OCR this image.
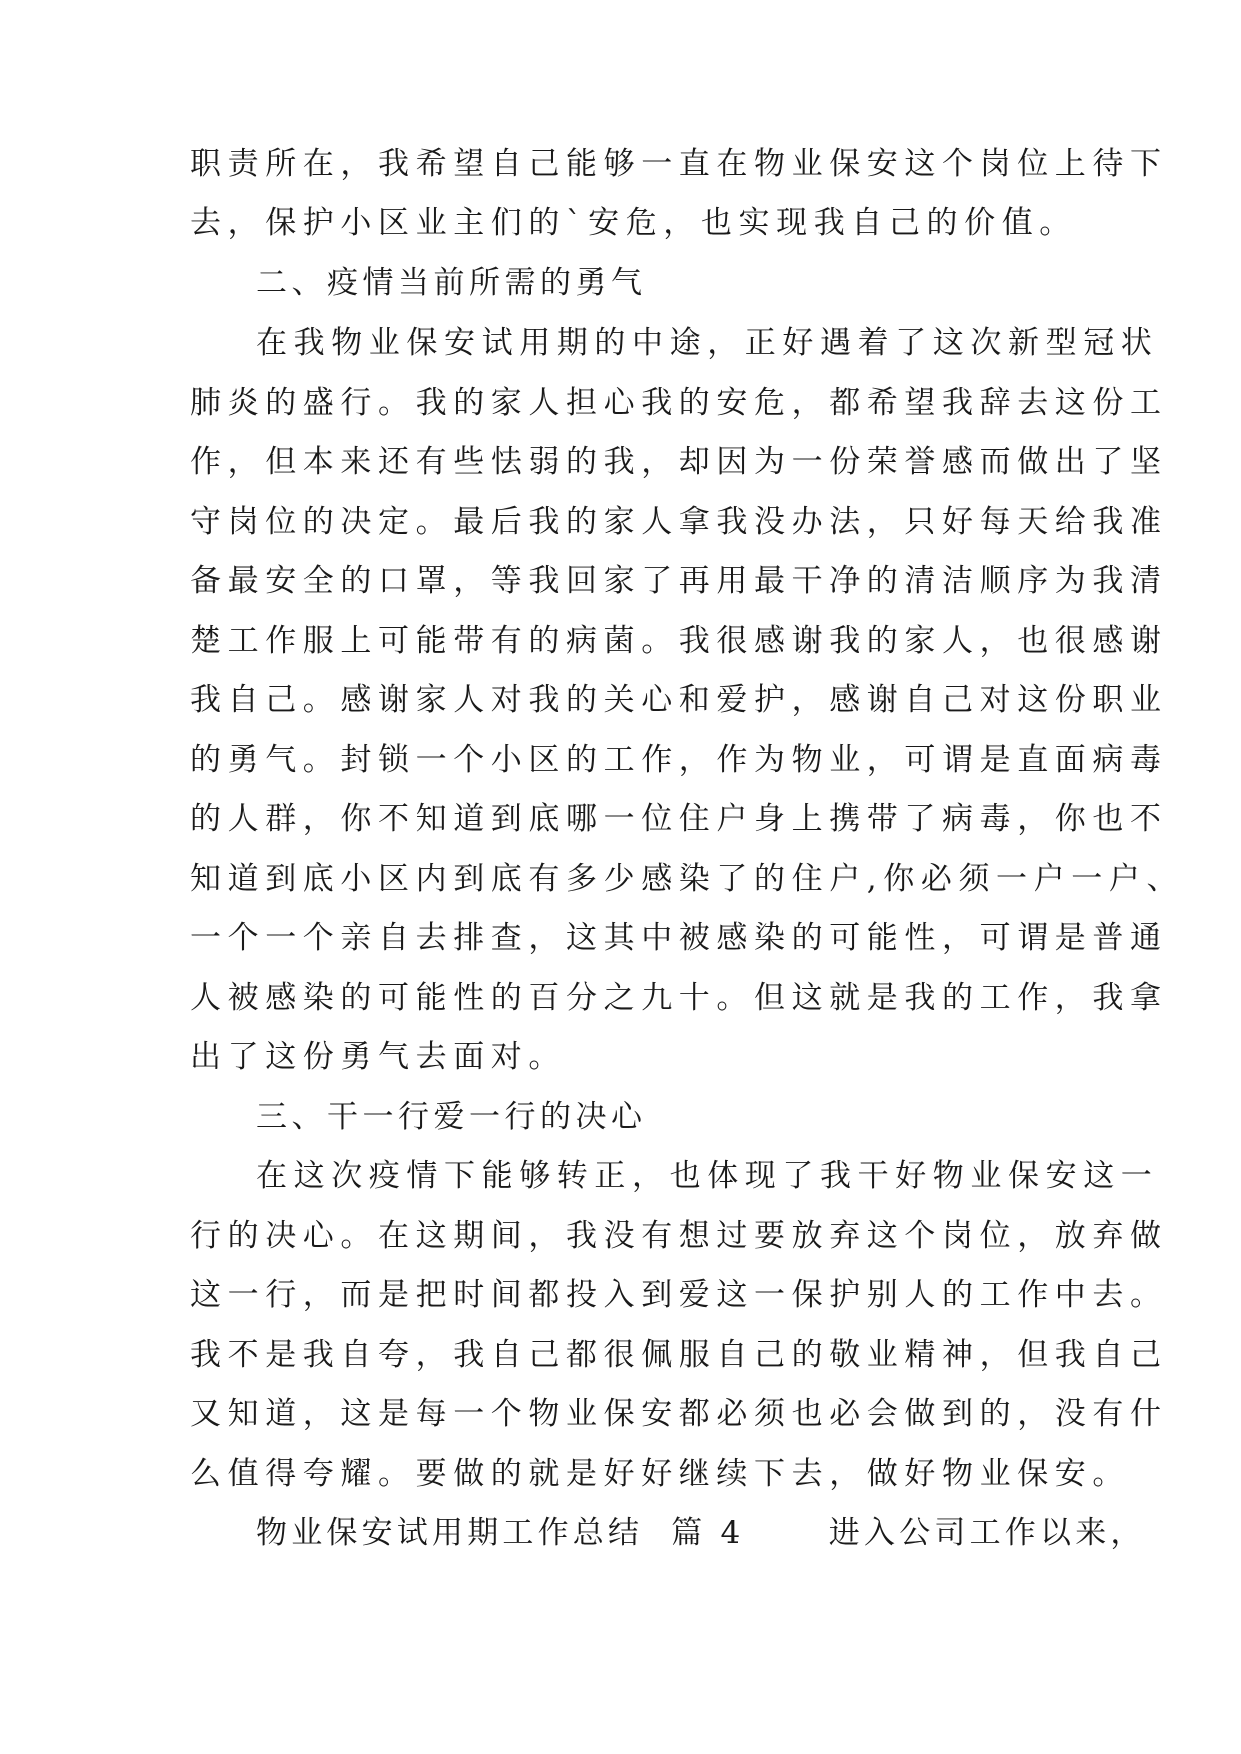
职责所在，我希望自己能够一直在物业保安这个岗位上待下
去，保护小区业主们的`安危，也实现我自己的价值。
二、疫情当前所需的勇气
在我物业保安试用期的中途，正好遇着了这次新型冠状
肺炎的盛行。我的家人担心我的安危，都希望我辞去这份工
作，但本来还有些怯弱的我，却因为一份荣誉感而做出了坚
守岗位的决定。最后我的家人拿我没办法，只好每天给我准
备最安全的口罩，等我回家了再用最干净的清洁顺序为我清
楚工作服上可能带有的病菌。我很感谢我的家人，也很感谢
我自己。感谢家人对我的关心和爱护，感谢自己对这份职业
的勇气。封锁一个小区的工作，作为物业，可谓是直面病毒
的人群，你不知道到底哪一位住户身上携带了病毒，你也不
知道到底小区内到底有多少感染了的住户,你必须一户一户、
一个一个亲自去排查，这其中被感染的可能性，可谓是普通
人被感染的可能性的百分之九十。但这就是我的工作，我拿
出了这份勇气去面对。
三、干一行爱一行的决心
在这次疫情下能够转正，也体现了我干好物业保安这一
行的决心。在这期间，我没有想过要放弃这个岗位，放弃做
这一行，而是把时间都投入到爱这一保护别人的工作中去。
我不是我自夸，我自己都很佩服自己的敬业精神，但我自己
又知道，这是每一个物业保安都必须也必会做到的，没有什
么值得夸耀。要做的就是好好继续下去，做好物业保安。
物业保安试用期工作总结  篇 4      进入公司工作以来，
